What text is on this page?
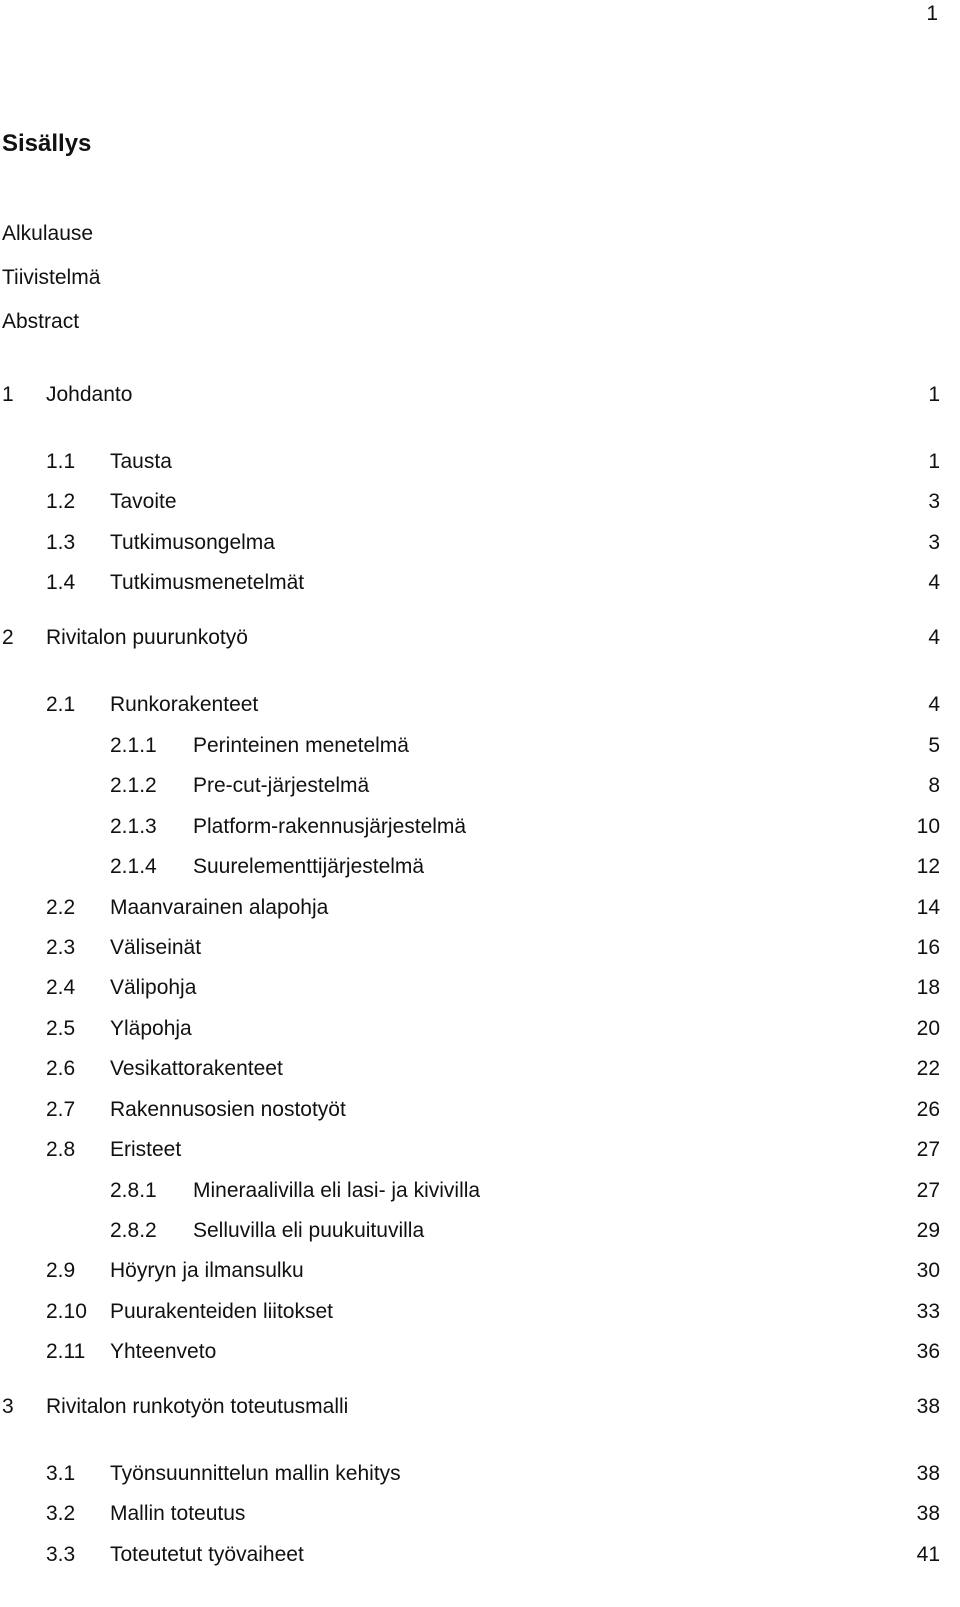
1
Sisällys
Alkulause
Tiivistelmä
Abstract
1 Johdanto	1
1.1 Tausta	1
1.2 Tavoite	3
1.3 Tutkimusongelma	3
1.4 Tutkimusmenetelmät	4
2 Rivitalon puurunkotyö	4
2.1 Runkorakenteet	4
2.1.1 Perinteinen menetelmä	5
2.1.2 Pre-cut-järjestelmä	8
2.1.3 Platform-rakennusjärjestelmä	10
2.1.4 Suurelementtijärjestelmä	12
2.2 Maanvarainen alapohja	14
2.3 Väliseinät	16
2.4 Välipohja	18
2.5 Yläpohja	20
2.6 Vesikattorakenteet	22
2.7 Rakennusosien nostotyöt	26
2.8 Eristeet	27
2.8.1 Mineraalivilla eli lasi- ja kivivilla	27
2.8.2 Selluvilla eli puukuituvilla	29
2.9 Höyryn ja ilmansulku	30
2.10 Puurakenteiden liitokset	33
2.11 Yhteenveto	36
3 Rivitalon runkotyön toteutusmalli	38
3.1 Työnsuunnittelun mallin kehitys	38
3.2 Mallin toteutus	38
3.3 Toteutetut työvaiheet	41
